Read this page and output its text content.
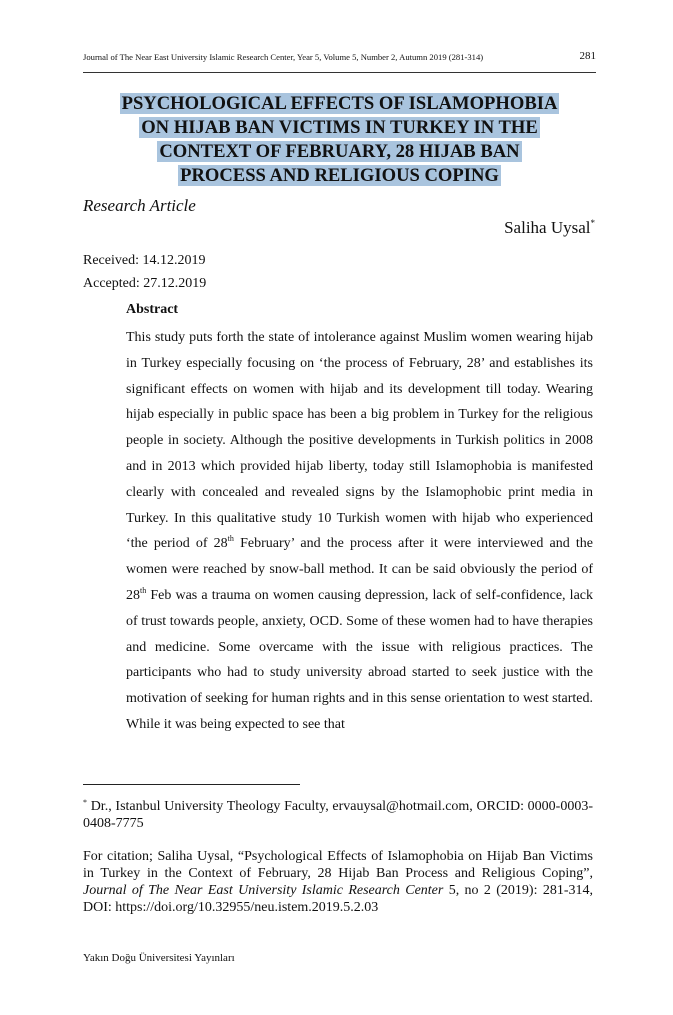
Journal of The Near East University Islamic Research Center, Year 5, Volume 5, Number 2, Autumn 2019 (281-314)	281
PSYCHOLOGICAL EFFECTS OF ISLAMOPHOBIA
ON HIJAB BAN VICTIMS IN TURKEY IN THE
CONTEXT OF FEBRUARY, 28 HIJAB BAN
PROCESS AND RELIGIOUS COPING
Research Article
Saliha Uysal*
Received: 14.12.2019
Accepted: 27.12.2019
Abstract
This study puts forth the state of intolerance against Muslim women wearing hijab in Turkey especially focusing on ‘the process of February, 28’ and establishes its significant effects on women with hijab and its development till today. Wearing hijab especially in public space has been a big problem in Turkey for the religious people in society. Although the positive developments in Turkish politics in 2008 and in 2013 which provided hijab liberty, today still Islamophobia is manifested clearly with concealed and revealed signs by the Islamophobic print media in Turkey. In this qualitative study 10 Turkish women with hijab who experienced ‘the period of 28th February’ and the process after it were interviewed and the women were reached by snow-ball method. It can be said obviously the period of 28th Feb was a trauma on women causing depression, lack of self-confidence, lack of trust towards people, anxiety, OCD. Some of these women had to have therapies and medicine. Some overcame with the issue with religious practices. The participants who had to study university abroad started to seek justice with the motivation of seeking for human rights and in this sense orientation to west started. While it was being expected to see that
* Dr., Istanbul University Theology Faculty, ervauysal@hotmail.com, ORCID: 0000-0003-0408-7775
For citation; Saliha Uysal, “Psychological Effects of Islamophobia on Hijab Ban Victims in Turkey in the Context of February, 28 Hijab Ban Process and Religious Coping”, Journal of The Near East University Islamic Research Center 5, no 2 (2019): 281-314, DOI: https://doi.org/10.32955/neu.istem.2019.5.2.03
Yakın Doğu Üniversitesi Yayınları
